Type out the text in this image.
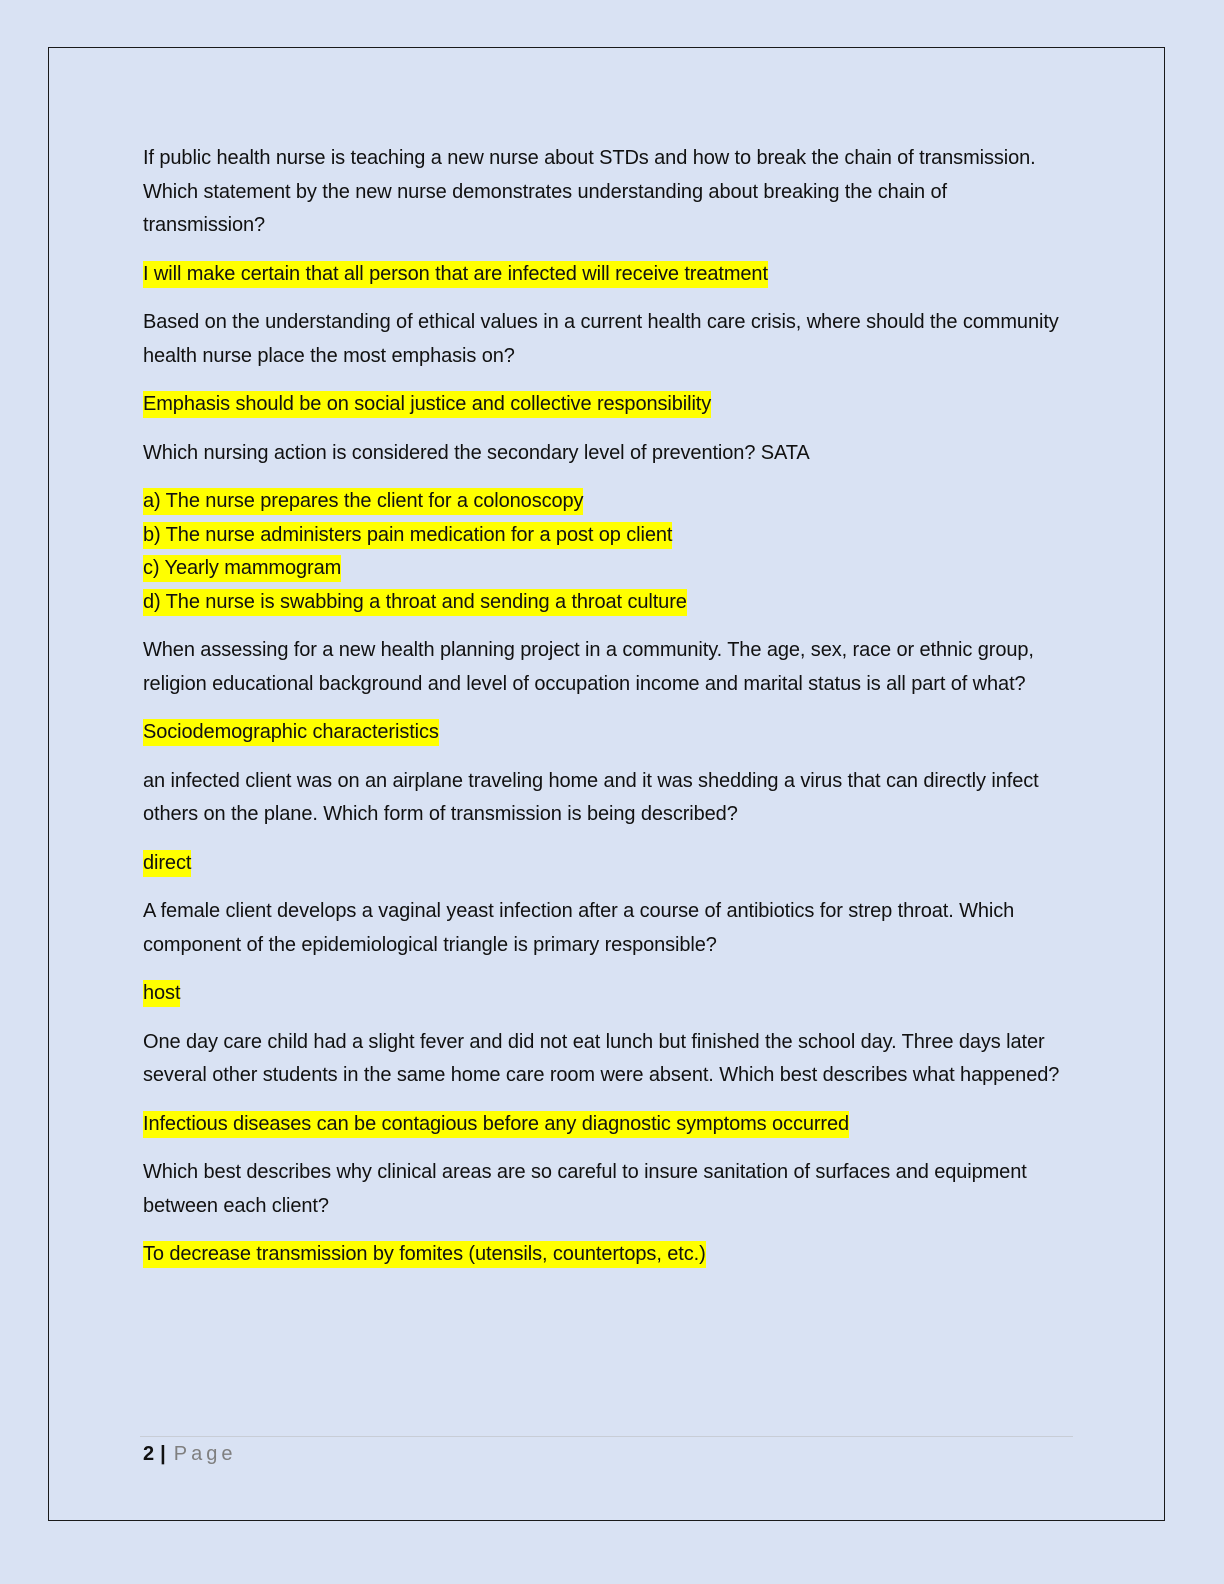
If public health nurse is teaching a new nurse about STDs and how to break the chain of transmission. Which statement by the new nurse demonstrates understanding about breaking the chain of transmission?

I will make certain that all person that are infected will receive treatment

Based on the understanding of ethical values in a current health care crisis, where should the community health nurse place the most emphasis on?

Emphasis should be on social justice and collective responsibility

Which nursing action is considered the secondary level of prevention? SATA

a) The nurse prepares the client for a colonoscopy
b) The nurse administers pain medication for a post op client
c) Yearly mammogram
d) The nurse is swabbing a throat and sending a throat culture

When assessing for a new health planning project in a community. The age, sex, race or ethnic group, religion educational background and level of occupation income and marital status is all part of what?

Sociodemographic characteristics

an infected client was on an airplane traveling home and it was shedding a virus that can directly infect others on the plane. Which form of transmission is being described?

direct

A female client develops a vaginal yeast infection after a course of antibiotics for strep throat. Which component of the epidemiological triangle is primary responsible?

host

One day care child had a slight fever and did not eat lunch but finished the school day. Three days later several other students in the same home care room were absent. Which best describes what happened?

Infectious diseases can be contagious before any diagnostic symptoms occurred

Which best describes why clinical areas are so careful to insure sanitation of surfaces and equipment between each client?

To decrease transmission by fomites (utensils, countertops, etc.)

2 | Page
